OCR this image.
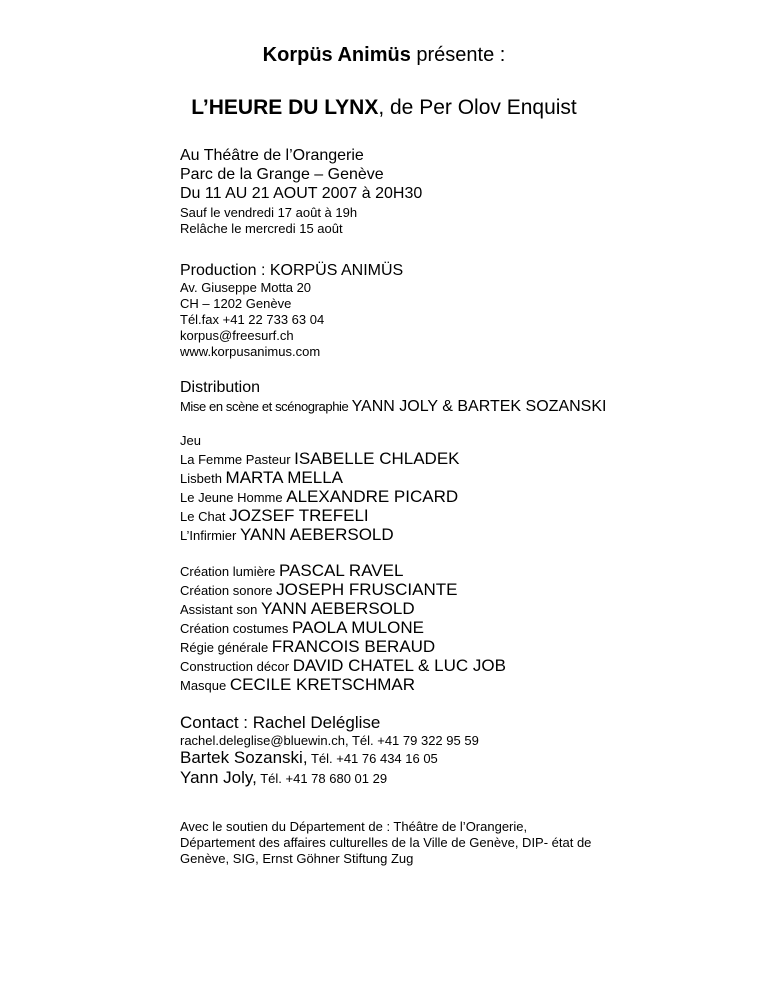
Korpüs Animüs présente :
L’HEURE DU LYNX, de Per Olov Enquist
Au Théâtre de l’Orangerie
Parc de la Grange – Genève
Du 11 AU 21 AOUT 2007 à 20H30
Sauf le vendredi 17 août à 19h
Relâche le mercredi 15 août
Production : KORPÜS ANIMÜS
Av. Giuseppe Motta 20
CH – 1202 Genève
Tél.fax +41 22 733 63 04
korpus@freesurf.ch
www.korpusanimus.com
Distribution
Mise en scène et scénographie YANN JOLY & BARTEK SOZANSKI
Jeu
La Femme Pasteur ISABELLE CHLADEK
Lisbeth MARTA MELLA
Le Jeune Homme ALEXANDRE PICARD
Le Chat JOZSEF TREFELI
L’Infirmier YANN AEBERSOLD
Création lumière PASCAL RAVEL
Création sonore JOSEPH FRUSCIANTE
Assistant son YANN AEBERSOLD
Création costumes PAOLA MULONE
Régie générale FRANCOIS BERAUD
Construction décor DAVID CHATEL & LUC JOB
Masque CECILE KRETSCHMAR
Contact : Rachel Deléglise
rachel.deleglise@bluewin.ch, Tél. +41 79 322 95 59
Bartek Sozanski, Tél. +41 76 434 16 05
Yann Joly, Tél. +41 78 680 01 29
Avec le soutien du Département de : Théâtre de l’Orangerie,
Département des affaires culturelles de la Ville de Genève, DIP- état de
Genève, SIG, Ernst Göhner Stiftung Zug
